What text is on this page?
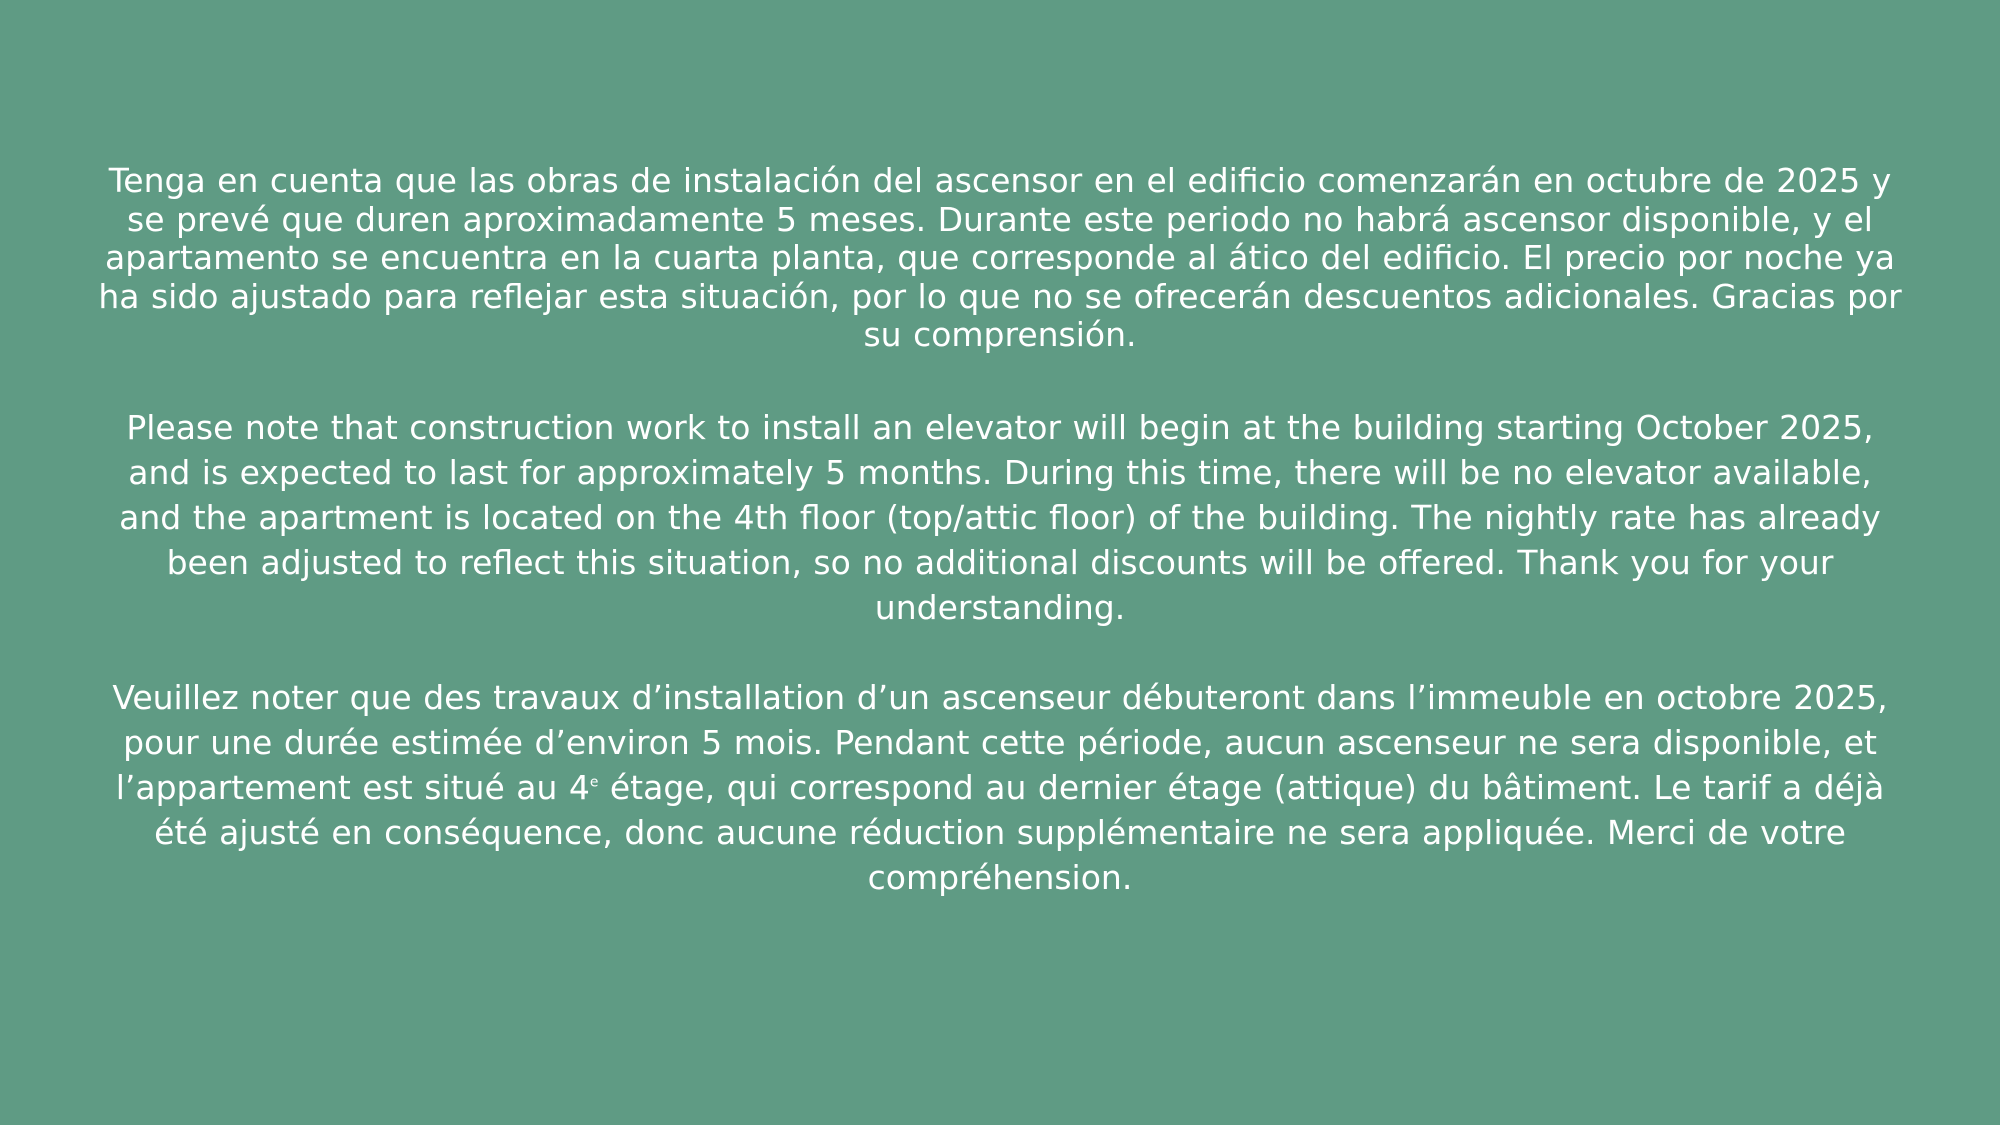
Tenga en cuenta que las obras de instalación del ascensor en el edificio comenzarán en octubre de 2025 y se prevé que duren aproximadamente 5 meses. Durante este periodo no habrá ascensor disponible, y el apartamento se encuentra en la cuarta planta, que corresponde al ático del edificio. El precio por noche ya ha sido ajustado para reflejar esta situación, por lo que no se ofrecerán descuentos adicionales. Gracias por su comprensión.

Please note that construction work to install an elevator will begin at the building starting October 2025, and is expected to last for approximately 5 months. During this time, there will be no elevator available, and the apartment is located on the 4th floor (top/attic floor) of the building. The nightly rate has already been adjusted to reflect this situation, so no additional discounts will be offered. Thank you for your understanding.

Veuillez noter que des travaux d’installation d’un ascenseur débuteront dans l’immeuble en octobre 2025, pour une durée estimée d’environ 5 mois. Pendant cette période, aucun ascenseur ne sera disponible, et l’appartement est situé au 4e étage, qui correspond au dernier étage (attique) du bâtiment. Le tarif a déjà été ajusté en conséquence, donc aucune réduction supplémentaire ne sera appliquée. Merci de votre compréhension.
